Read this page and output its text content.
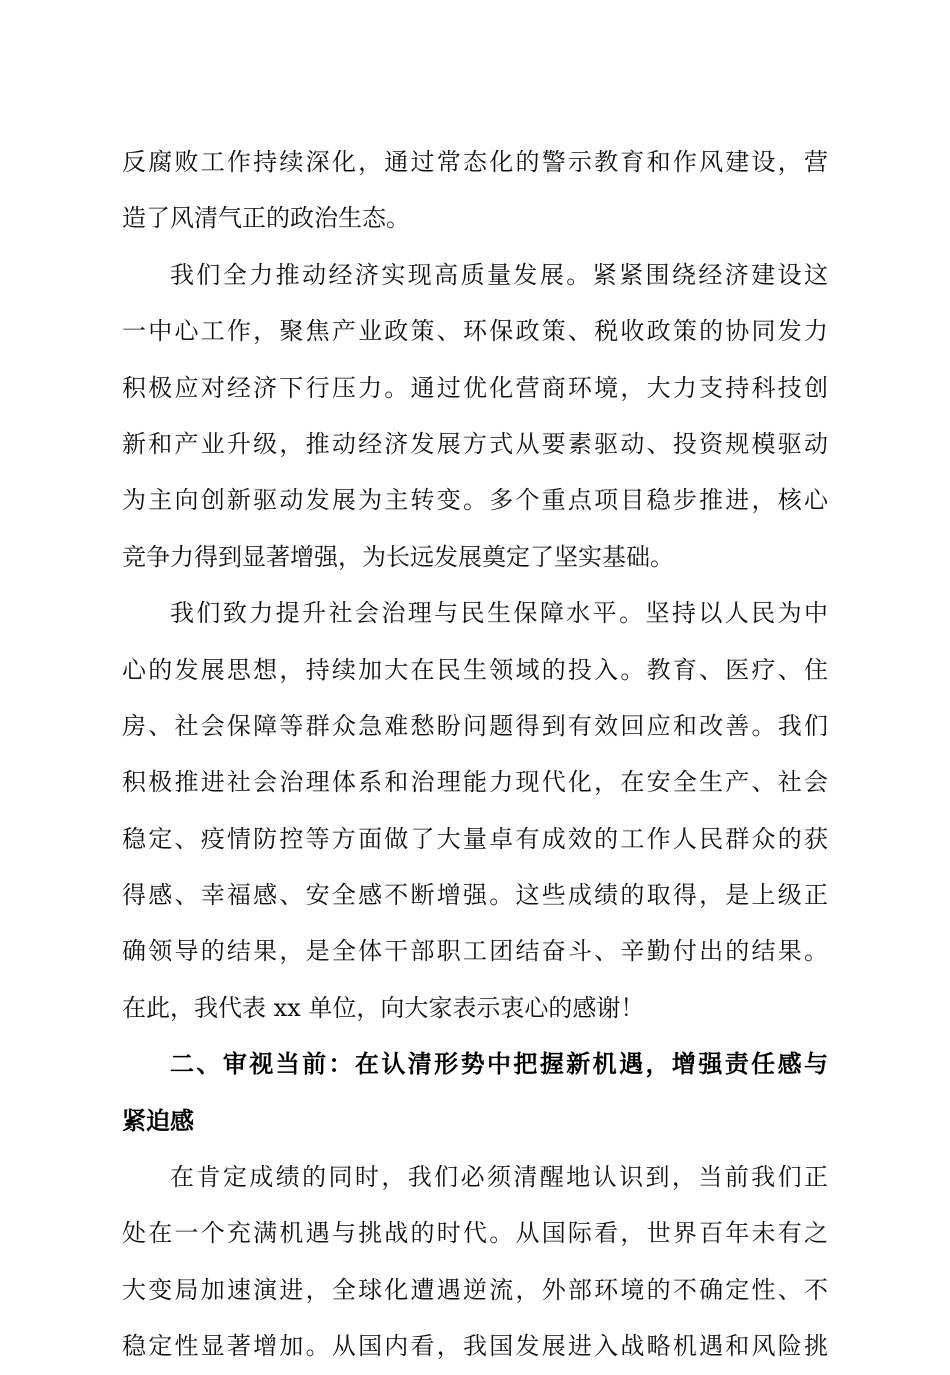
反腐败工作持续深化，通过常态化的警示教育和作风建设，营
造了风清气正的政治生态。
我们全力推动经济实现高质量发展。紧紧围绕经济建设这
一中心工作，聚焦产业政策、环保政策、税收政策的协同发力
积极应对经济下行压力。通过优化营商环境，大力支持科技创
新和产业升级，推动经济发展方式从要素驱动、投资规模驱动
为主向创新驱动发展为主转变。多个重点项目稳步推进，核心
竞争力得到显著增强，为长远发展奠定了坚实基础。
我们致力提升社会治理与民生保障水平。坚持以人民为中
心的发展思想，持续加大在民生领域的投入。教育、医疗、住
房、社会保障等群众急难愁盼问题得到有效回应和改善。我们
积极推进社会治理体系和治理能力现代化，在安全生产、社会
稳定、疫情防控等方面做了大量卓有成效的工作人民群众的获
得感、幸福感、安全感不断增强。这些成绩的取得，是上级正
确领导的结果，是全体干部职工团结奋斗、辛勤付出的结果。
在此，我代表 xx 单位，向大家表示衷心的感谢！
二、审视当前：在认清形势中把握新机遇，增强责任感与
紧迫感
在肯定成绩的同时，我们必须清醒地认识到，当前我们正
处在一个充满机遇与挑战的时代。从国际看，世界百年未有之
大变局加速演进，全球化遭遇逆流，外部环境的不确定性、不
稳定性显著增加。从国内看，我国发展进入战略机遇和风险挑
